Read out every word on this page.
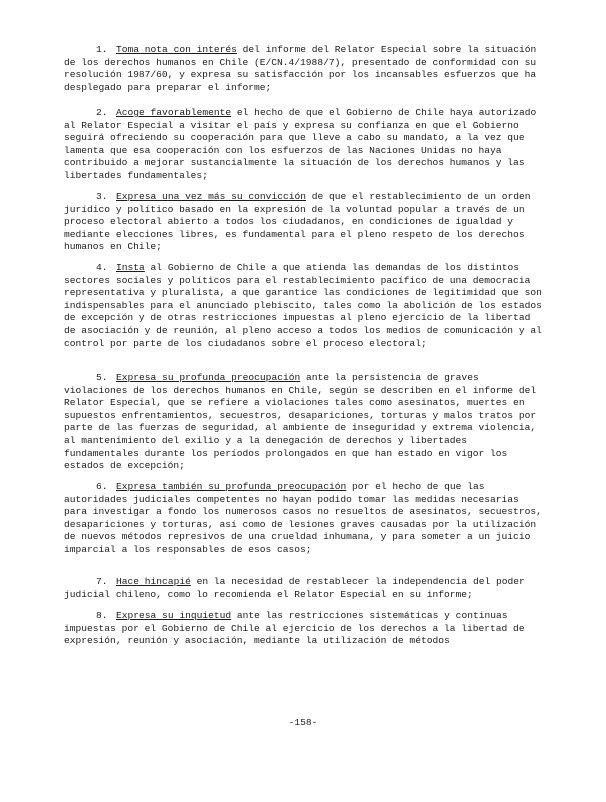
1. Toma nota con interés del informe del Relator Especial sobre la situación de los derechos humanos en Chile (E/CN.4/1988/7), presentado de conformidad con su resolución 1987/60, y expresa su satisfacción por los incansables esfuerzos que ha desplegado para preparar el informe;

2. Acoge favorablemente el hecho de que el Gobierno de Chile haya autorizado al Relator Especial a visitar el país y expresa su confianza en que el Gobierno seguirá ofreciendo su cooperación para que lleve a cabo su mandato, a la vez que lamenta que esa cooperación con los esfuerzos de las Naciones Unidas no haya contribuido a mejorar sustancialmente la situación de los derechos humanos y las libertades fundamentales;

3. Expresa una vez más su convicción de que el restablecimiento de un orden jurídico y político basado en la expresión de la voluntad popular a través de un proceso electoral abierto a todos los ciudadanos, en condiciones de igualdad y mediante elecciones libres, es fundamental para el pleno respeto de los derechos humanos en Chile;

4. Insta al Gobierno de Chile a que atienda las demandas de los distintos sectores sociales y políticos para el restablecimiento pacífico de una democracia representativa y pluralista, a que garantice las condiciones de legitimidad que son indispensables para el anunciado plebiscito, tales como la abolición de los estados de excepción y de otras restricciones impuestas al pleno ejercicio de la libertad de asociación y de reunión, al pleno acceso a todos los medios de comunicación y al control por parte de los ciudadanos sobre el proceso electoral;

5. Expresa su profunda preocupación ante la persistencia de graves violaciones de los derechos humanos en Chile, según se describen en el informe del Relator Especial, que se refiere a violaciones tales como asesinatos, muertes en supuestos enfrentamientos, secuestros, desapariciones, torturas y malos tratos por parte de las fuerzas de seguridad, al ambiente de inseguridad y extrema violencia, al mantenimiento del exilio y a la denegación de derechos y libertades fundamentales durante los períodos prolongados en que han estado en vigor los estados de excepción;

6. Expresa también su profunda preocupación por el hecho de que las autoridades judiciales competentes no hayan podido tomar las medidas necesarias para investigar a fondo los numerosos casos no resueltos de asesinatos, secuestros, desapariciones y torturas, así como de lesiones graves causadas por la utilización de nuevos métodos represivos de una crueldad inhumana, y para someter a un juicio imparcial a los responsables de esos casos;

7. Hace hincapié en la necesidad de restablecer la independencia del poder judicial chileno, como lo recomienda el Relator Especial en su informe;

8. Expresa su inquietud ante las restricciones sistemáticas y continuas impuestas por el Gobierno de Chile al ejercicio de los derechos a la libertad de expresión, reunión y asociación, mediante la utilización de métodos

-158-
